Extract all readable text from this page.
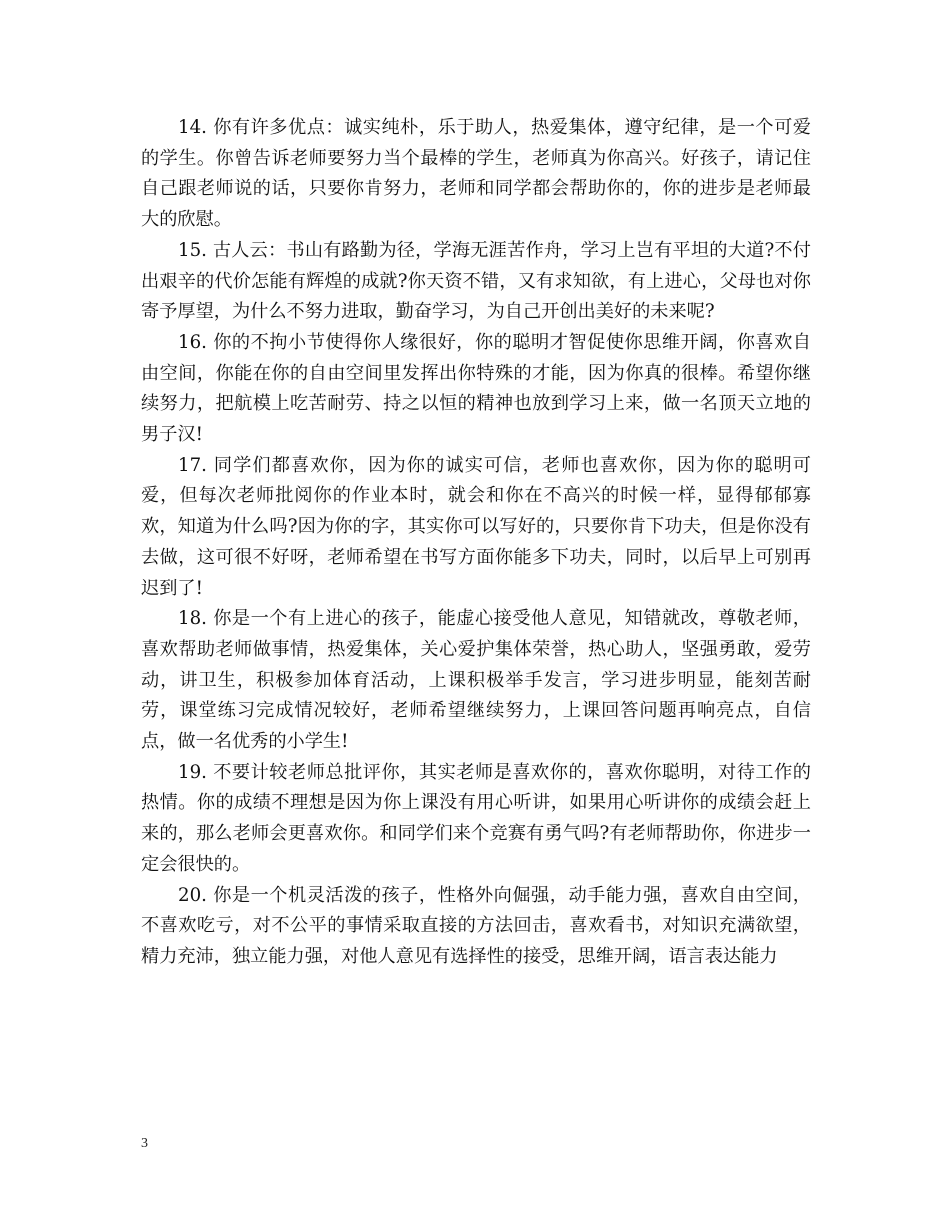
14. 你有许多优点：诚实纯朴，乐于助人，热爱集体，遵守纪律，是一个可爱的学生。你曾告诉老师要努力当个最棒的学生，老师真为你高兴。好孩子，请记住自己跟老师说的话，只要你肯努力，老师和同学都会帮助你的，你的进步是老师最大的欣慰。

15. 古人云：书山有路勤为径，学海无涯苦作舟，学习上岂有平坦的大道?不付出艰辛的代价怎能有辉煌的成就?你天资不错，又有求知欲，有上进心，父母也对你寄予厚望，为什么不努力进取，勤奋学习，为自己开创出美好的未来呢?

16. 你的不拘小节使得你人缘很好，你的聪明才智促使你思维开阔，你喜欢自由空间，你能在你的自由空间里发挥出你特殊的才能，因为你真的很棒。希望你继续努力，把航模上吃苦耐劳、持之以恒的精神也放到学习上来，做一名顶天立地的男子汉!

17. 同学们都喜欢你，因为你的诚实可信，老师也喜欢你，因为你的聪明可爱，但每次老师批阅你的作业本时，就会和你在不高兴的时候一样，显得郁郁寡欢，知道为什么吗?因为你的字，其实你可以写好的，只要你肯下功夫，但是你没有去做，这可很不好呀，老师希望在书写方面你能多下功夫，同时，以后早上可别再迟到了!

18. 你是一个有上进心的孩子，能虚心接受他人意见，知错就改，尊敬老师，喜欢帮助老师做事情，热爱集体，关心爱护集体荣誉，热心助人，坚强勇敢，爱劳动，讲卫生，积极参加体育活动，上课积极举手发言，学习进步明显，能刻苦耐劳，课堂练习完成情况较好，老师希望继续努力，上课回答问题再响亮点，自信点，做一名优秀的小学生!

19. 不要计较老师总批评你，其实老师是喜欢你的，喜欢你聪明，对待工作的热情。你的成绩不理想是因为你上课没有用心听讲，如果用心听讲你的成绩会赶上来的，那么老师会更喜欢你。和同学们来个竞赛有勇气吗?有老师帮助你，你进步一定会很快的。

20. 你是一个机灵活泼的孩子，性格外向倔强，动手能力强，喜欢自由空间，不喜欢吃亏，对不公平的事情采取直接的方法回击，喜欢看书，对知识充满欲望，精力充沛，独立能力强，对他人意见有选择性的接受，思维开阔，语言表达能力

3
